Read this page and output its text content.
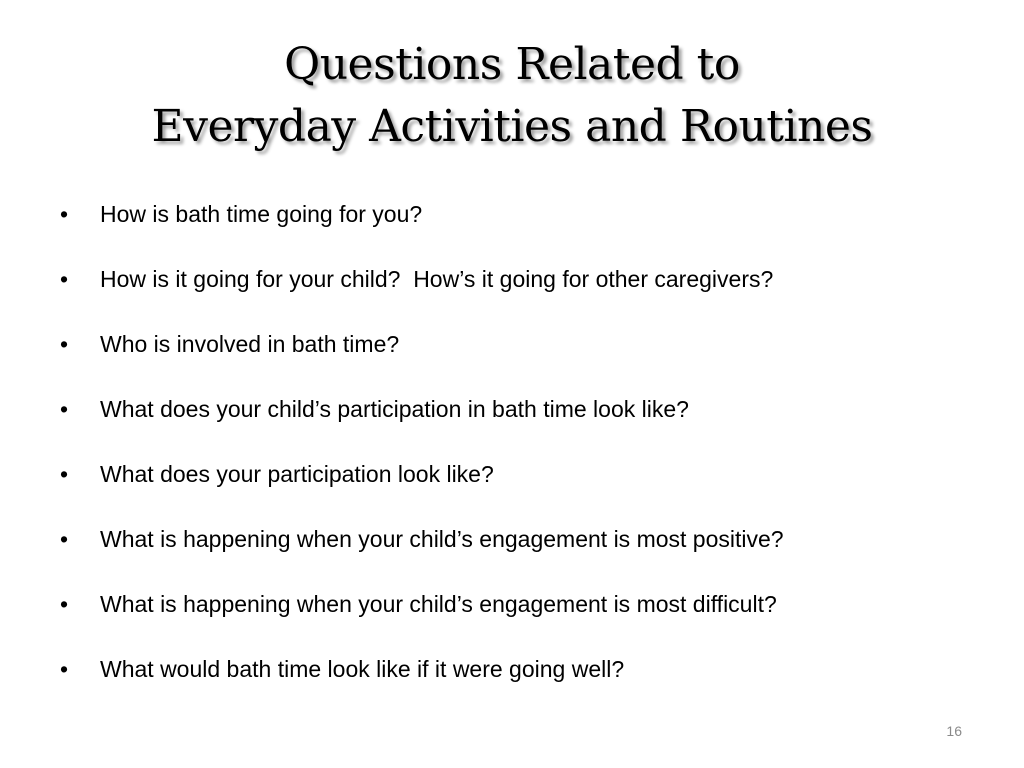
Questions Related to
Everyday Activities and Routines

•

	How is bath time going for you?

•

	How is it going for your child?  How’s it going for other caregivers?

•

	Who is involved in bath time?

•

	What does your child’s participation in bath time look like?

•

	What does your participation look like?

•

	What is happening when your child’s engagement is most positive?

•

	What is happening when your child’s engagement is most difficult?

•

	What would bath time look like if it were going well?

16
